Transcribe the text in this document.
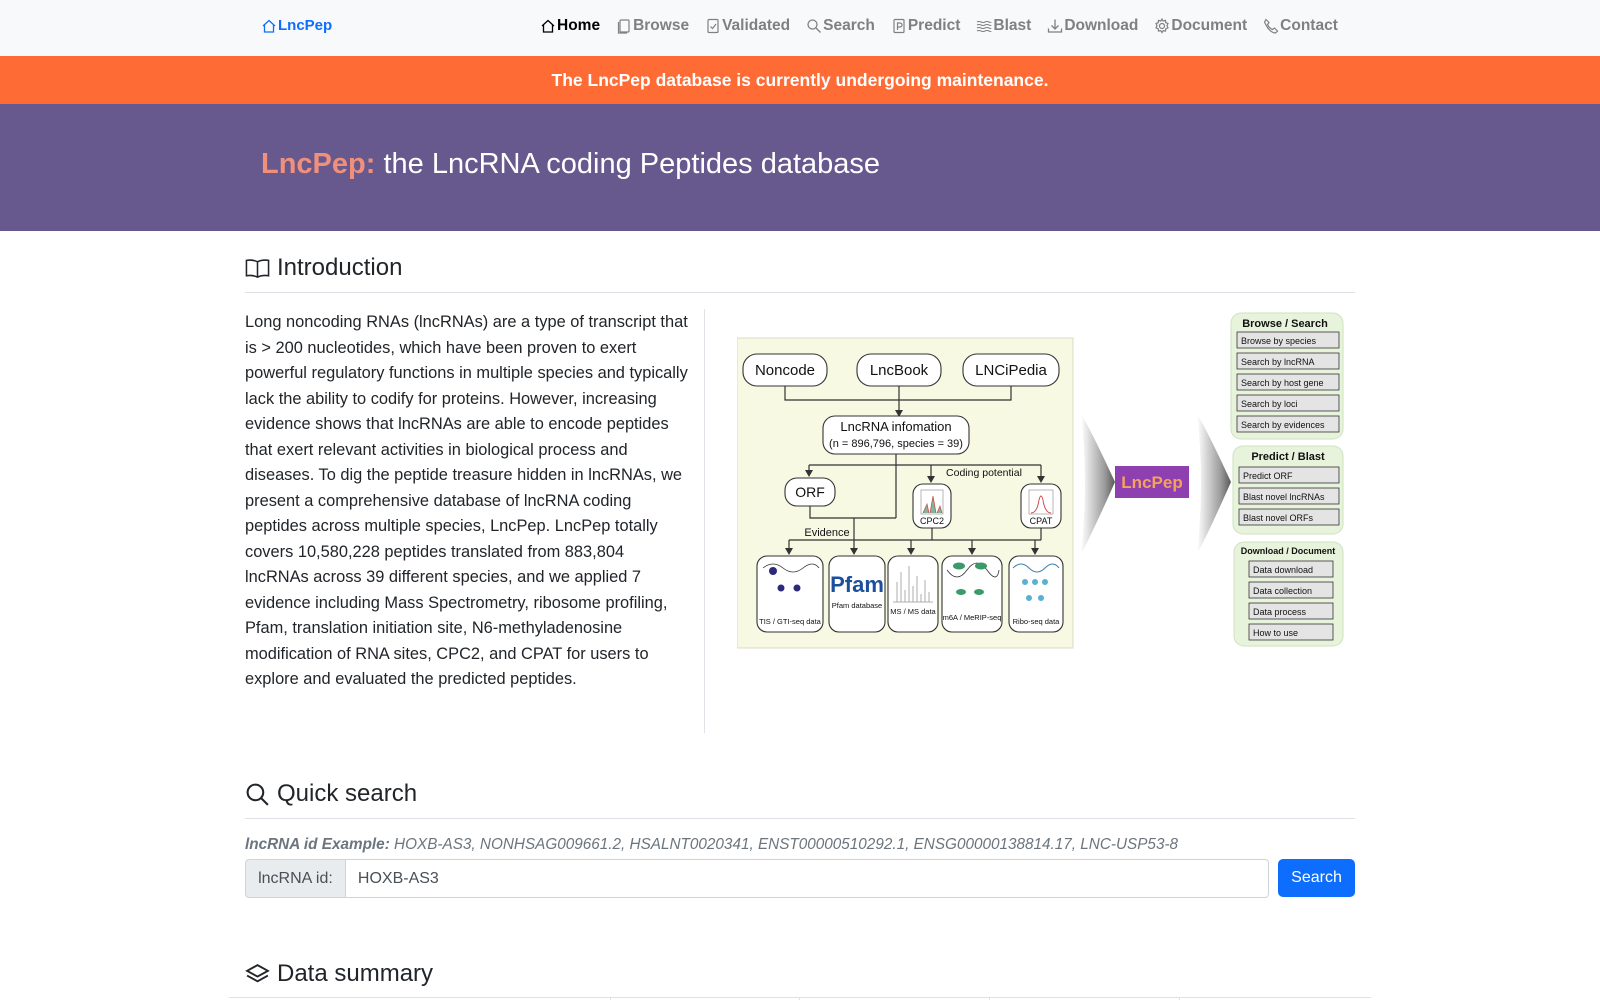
LncPep	Home Browse Validated Search Predict Blast Download Document Contact
The LncPep database is currently undergoing maintenance.
LncPep: the LncRNA coding Peptides database
Introduction

Long noncoding RNAs (lncRNAs) are a type of transcript that is > 200 nucleotides, which have been proven to exert powerful regulatory functions in multiple species and typically lack the ability to codify for proteins. However, increasing evidence shows that lncRNAs are able to encode peptides that exert relevant activities in biological process and diseases. To dig the peptide treasure hidden in lncRNAs, we present a comprehensive database of lncRNA coding peptides across multiple species, LncPep. LncPep totally covers 10,580,228 peptides translated from 883,804 lncRNAs across 39 different species, and we applied 7 evidence including Mass Spectrometry, ribosome profiling, Pfam, translation initiation site, N6-methyladenosine modification of RNA sites, CPC2, and CPAT for users to explore and evaluated the predicted peptides.

Noncode	LncBook	LNCiPedia
LncRNA infomation
(n = 896,796, species = 39)
Coding potential
ORF
CPC2	CPAT
Evidence
TIS / GTI-seq data
Pfam
Pfam database
MS / MS data
m6A / MeRIP-seq Ribo-seq data
LncPep
Browse / Search
Browse by species
Search by lncRNA
Search by host gene
Search by loci
Search by evidences
Predict / Blast
Predict ORF
Blast novel lncRNAs
Blast novel ORFs
Download / Document
Data download
Data collection
Data process
How to use
Quick search
lncRNA id Example: HOXB-AS3, NONHSAG009661.2, HSALNT0020341, ENST00000510292.1, ENSG00000138814.17, LNC-USP53-8
lncRNA id:
HOXB-AS3	Search
Data summary
